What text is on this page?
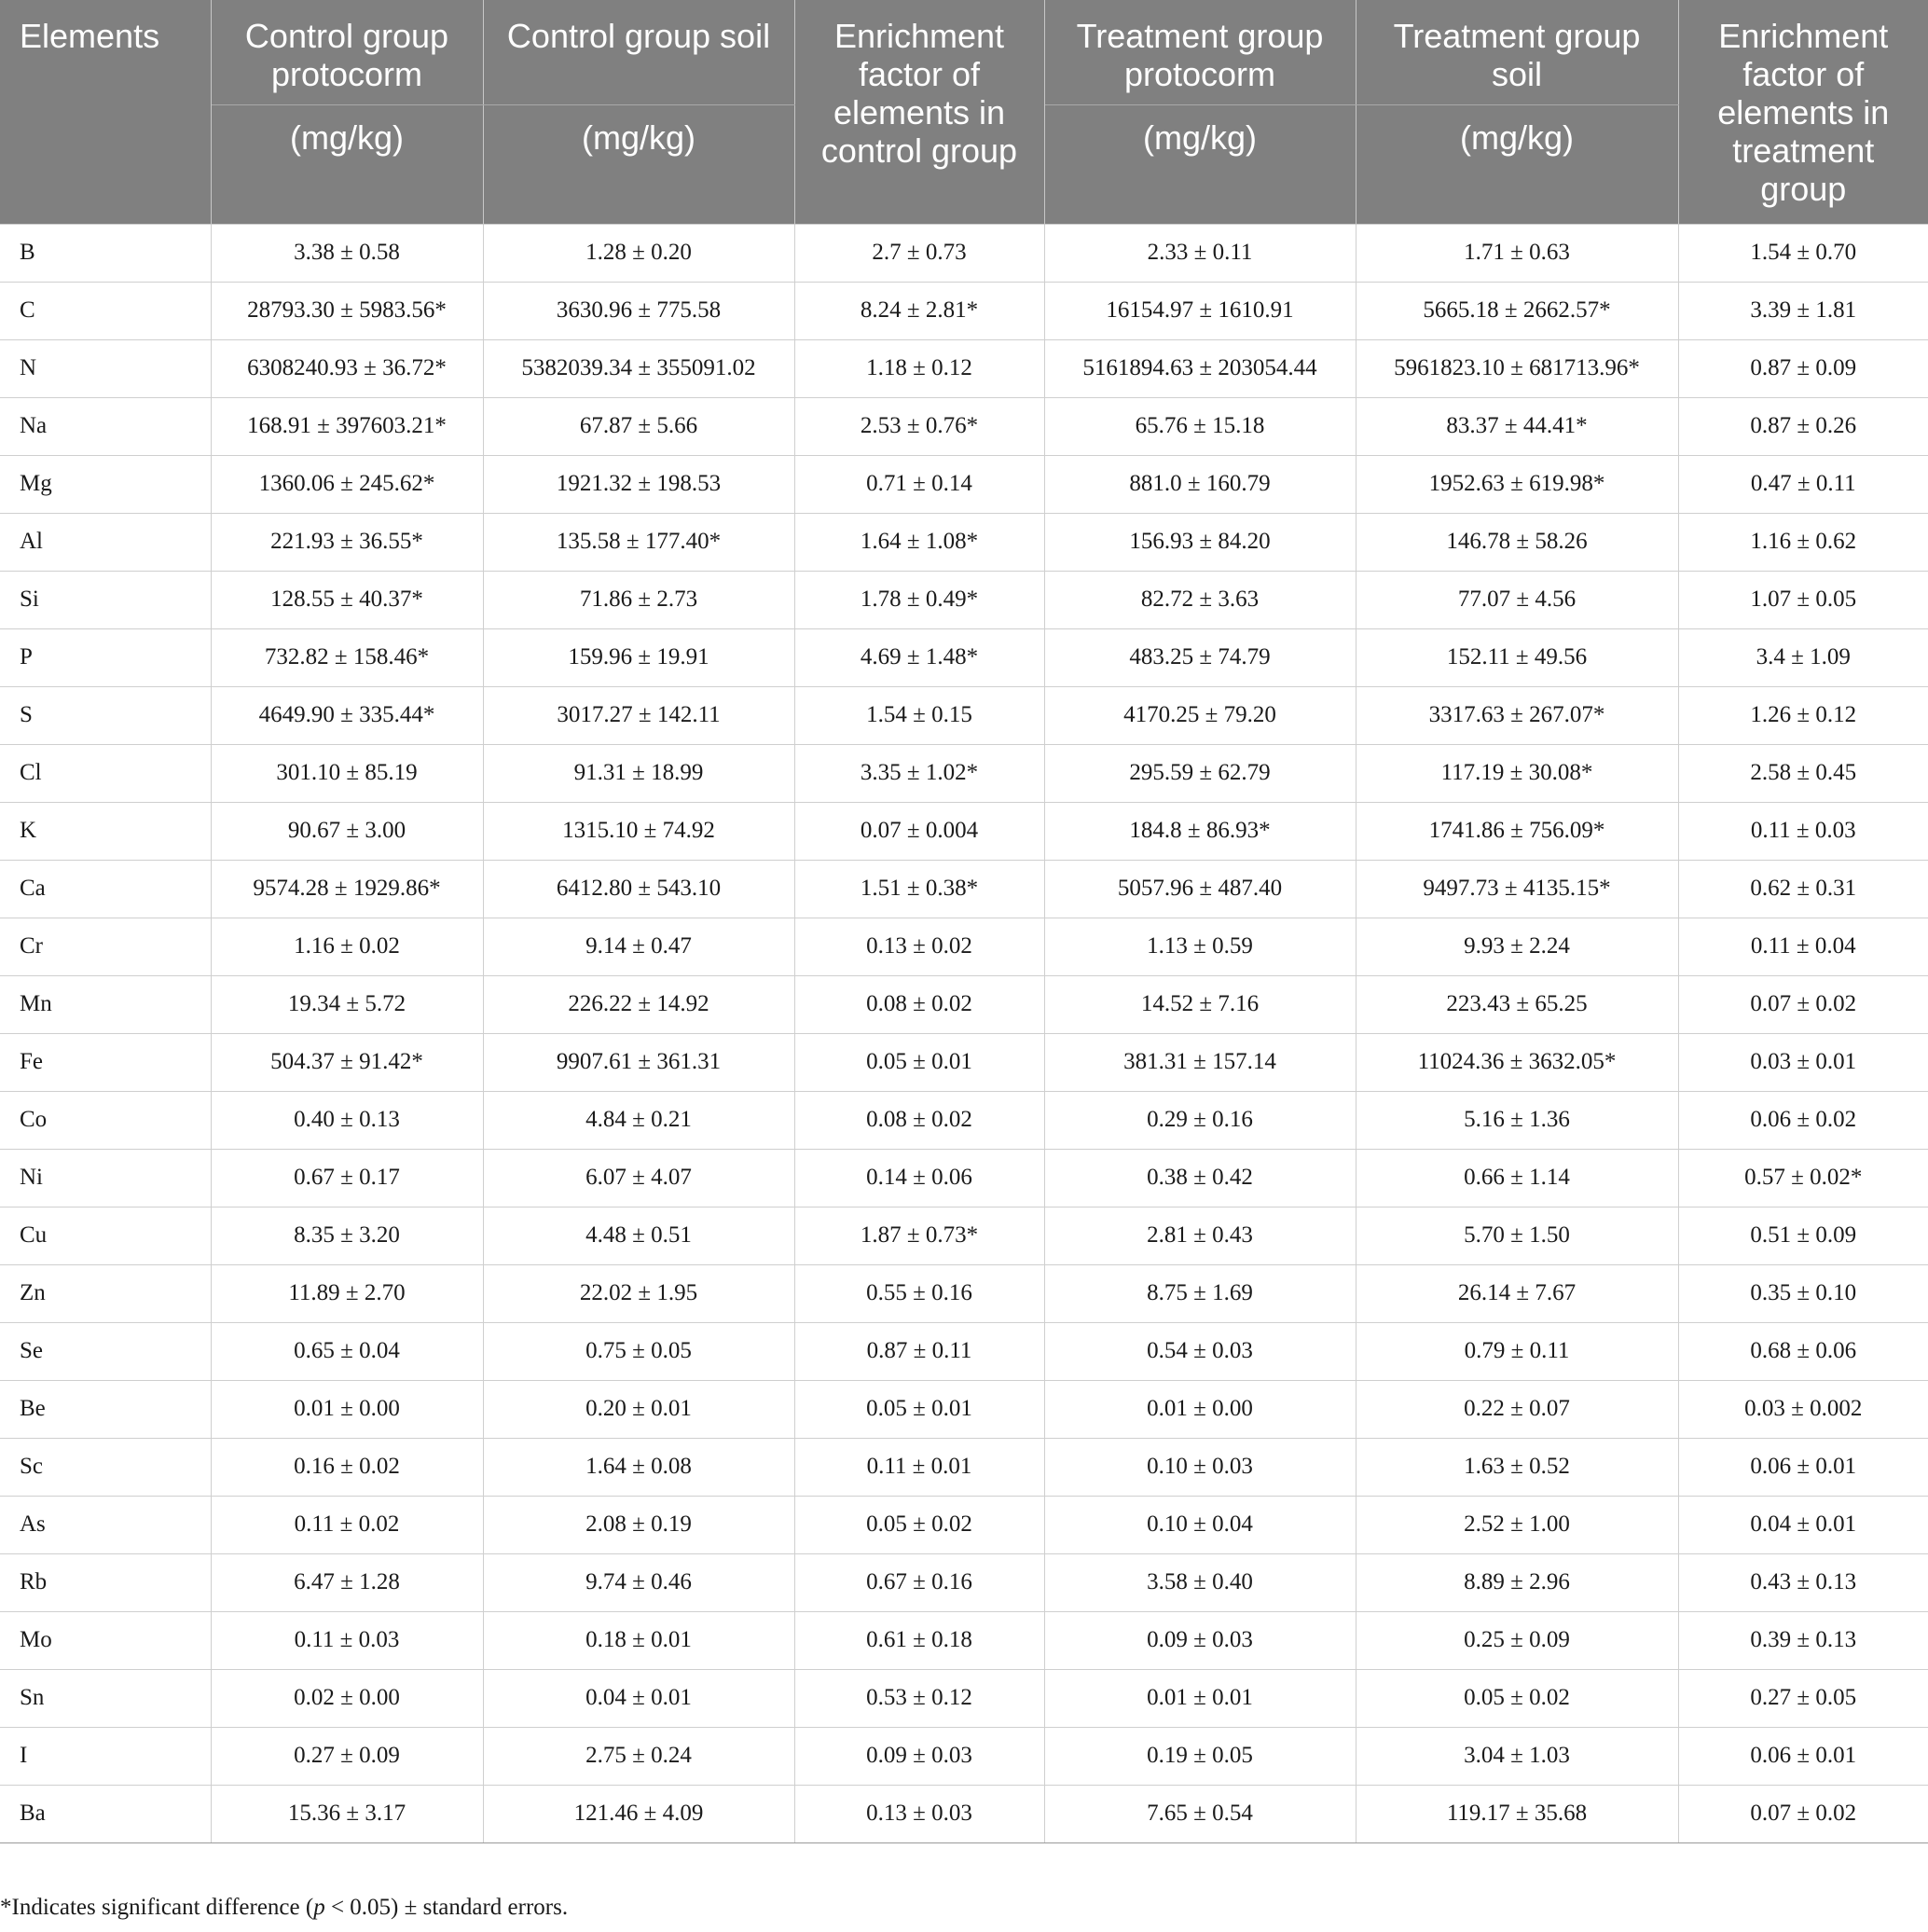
Elements	Control group protocorm	Control group soil	Enrichment factor of elements in control group	Treatment group protocorm	Treatment group soil	Enrichment factor of elements in treatment group
	(mg/kg)	(mg/kg)		(mg/kg)	(mg/kg)	
B	3.38 ± 0.58	1.28 ± 0.20	2.7 ± 0.73	2.33 ± 0.11	1.71 ± 0.63	1.54 ± 0.70
C	28793.30 ± 5983.56*	3630.96 ± 775.58	8.24 ± 2.81*	16154.97 ± 1610.91	5665.18 ± 2662.57*	3.39 ± 1.81
N	6308240.93 ± 36.72*	5382039.34 ± 355091.02	1.18 ± 0.12	5161894.63 ± 203054.44	5961823.10 ± 681713.96*	0.87 ± 0.09
Na	168.91 ± 397603.21*	67.87 ± 5.66	2.53 ± 0.76*	65.76 ± 15.18	83.37 ± 44.41*	0.87 ± 0.26
Mg	1360.06 ± 245.62*	1921.32 ± 198.53	0.71 ± 0.14	881.0 ± 160.79	1952.63 ± 619.98*	0.47 ± 0.11
Al	221.93 ± 36.55*	135.58 ± 177.40*	1.64 ± 1.08*	156.93 ± 84.20	146.78 ± 58.26	1.16 ± 0.62
Si	128.55 ± 40.37*	71.86 ± 2.73	1.78 ± 0.49*	82.72 ± 3.63	77.07 ± 4.56	1.07 ± 0.05
P	732.82 ± 158.46*	159.96 ± 19.91	4.69 ± 1.48*	483.25 ± 74.79	152.11 ± 49.56	3.4 ± 1.09
S	4649.90 ± 335.44*	3017.27 ± 142.11	1.54 ± 0.15	4170.25 ± 79.20	3317.63 ± 267.07*	1.26 ± 0.12
Cl	301.10 ± 85.19	91.31 ± 18.99	3.35 ± 1.02*	295.59 ± 62.79	117.19 ± 30.08*	2.58 ± 0.45
K	90.67 ± 3.00	1315.10 ± 74.92	0.07 ± 0.004	184.8 ± 86.93*	1741.86 ± 756.09*	0.11 ± 0.03
Ca	9574.28 ± 1929.86*	6412.80 ± 543.10	1.51 ± 0.38*	5057.96 ± 487.40	9497.73 ± 4135.15*	0.62 ± 0.31
Cr	1.16 ± 0.02	9.14 ± 0.47	0.13 ± 0.02	1.13 ± 0.59	9.93 ± 2.24	0.11 ± 0.04
Mn	19.34 ± 5.72	226.22 ± 14.92	0.08 ± 0.02	14.52 ± 7.16	223.43 ± 65.25	0.07 ± 0.02
Fe	504.37 ± 91.42*	9907.61 ± 361.31	0.05 ± 0.01	381.31 ± 157.14	11024.36 ± 3632.05*	0.03 ± 0.01
Co	0.40 ± 0.13	4.84 ± 0.21	0.08 ± 0.02	0.29 ± 0.16	5.16 ± 1.36	0.06 ± 0.02
Ni	0.67 ± 0.17	6.07 ± 4.07	0.14 ± 0.06	0.38 ± 0.42	0.66 ± 1.14	0.57 ± 0.02*
Cu	8.35 ± 3.20	4.48 ± 0.51	1.87 ± 0.73*	2.81 ± 0.43	5.70 ± 1.50	0.51 ± 0.09
Zn	11.89 ± 2.70	22.02 ± 1.95	0.55 ± 0.16	8.75 ± 1.69	26.14 ± 7.67	0.35 ± 0.10
Se	0.65 ± 0.04	0.75 ± 0.05	0.87 ± 0.11	0.54 ± 0.03	0.79 ± 0.11	0.68 ± 0.06
Be	0.01 ± 0.00	0.20 ± 0.01	0.05 ± 0.01	0.01 ± 0.00	0.22 ± 0.07	0.03 ± 0.002
Sc	0.16 ± 0.02	1.64 ± 0.08	0.11 ± 0.01	0.10 ± 0.03	1.63 ± 0.52	0.06 ± 0.01
As	0.11 ± 0.02	2.08 ± 0.19	0.05 ± 0.02	0.10 ± 0.04	2.52 ± 1.00	0.04 ± 0.01
Rb	6.47 ± 1.28	9.74 ± 0.46	0.67 ± 0.16	3.58 ± 0.40	8.89 ± 2.96	0.43 ± 0.13
Mo	0.11 ± 0.03	0.18 ± 0.01	0.61 ± 0.18	0.09 ± 0.03	0.25 ± 0.09	0.39 ± 0.13
Sn	0.02 ± 0.00	0.04 ± 0.01	0.53 ± 0.12	0.01 ± 0.01	0.05 ± 0.02	0.27 ± 0.05
I	0.27 ± 0.09	2.75 ± 0.24	0.09 ± 0.03	0.19 ± 0.05	3.04 ± 1.03	0.06 ± 0.01
Ba	15.36 ± 3.17	121.46 ± 4.09	0.13 ± 0.03	7.65 ± 0.54	119.17 ± 35.68	0.07 ± 0.02
*Indicates significant difference (p < 0.05) ± standard errors.
